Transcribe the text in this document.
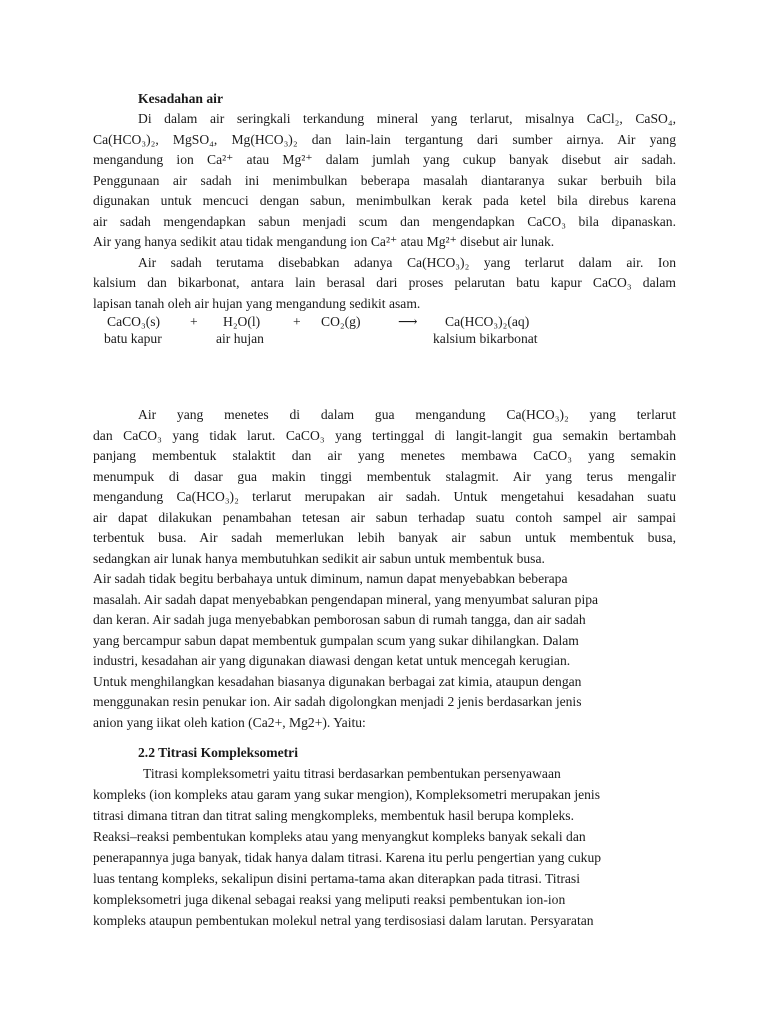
Kesadahan air
Di dalam air seringkali terkandung mineral yang terlarut, misalnya CaCl₂, CaSO₄,
Ca(HCO₃)₂, MgSO₄, Mg(HCO₃)₂ dan lain-lain tergantung dari sumber airnya. Air yang
mengandung ion Ca²⁺ atau Mg²⁺ dalam jumlah yang cukup banyak disebut air sadah.
Penggunaan air sadah ini menimbulkan beberapa masalah diantaranya sukar berbuih bila
digunakan untuk mencuci dengan sabun, menimbulkan kerak pada ketel bila direbus karena
air sadah mengendapkan sabun menjadi scum dan mengendapkan CaCO₃ bila dipanaskan.
Air yang hanya sedikit atau tidak mengandung ion Ca²⁺ atau Mg²⁺ disebut air lunak.
Air sadah terutama disebabkan adanya Ca(HCO₃)₂ yang terlarut dalam air. Ion
kalsium dan bikarbonat, antara lain berasal dari proses pelarutan batu kapur CaCO₃ dalam
lapisan tanah oleh air hujan yang mengandung sedikit asam.
CaCO₃(s) + H₂O(l) + CO₂(g)	⟶ Ca(HCO₃)₂(aq)
batu kapur	air hujan	kalsium bikarbonat
Air yang menetes di dalam gua mengandung Ca(HCO₃)₂ yang terlarut
dan CaCO₃ yang tidak larut. CaCO₃ yang tertinggal di langit-langit gua semakin bertambah
panjang membentuk stalaktit dan air yang menetes membawa CaCO₃ yang semakin
menumpuk di dasar gua makin tinggi membentuk stalagmit. Air yang terus mengalir
mengandung Ca(HCO₃)₂ terlarut merupakan air sadah. Untuk mengetahui kesadahan suatu
air dapat dilakukan penambahan tetesan air sabun terhadap suatu contoh sampel air sampai
terbentuk busa. Air sadah memerlukan lebih banyak air sabun untuk membentuk busa,
sedangkan air lunak hanya membutuhkan sedikit air sabun untuk membentuk busa.
Air sadah tidak begitu berbahaya untuk diminum, namun dapat menyebabkan beberapa
masalah. Air sadah dapat menyebabkan pengendapan mineral, yang menyumbat saluran pipa
dan keran. Air sadah juga menyebabkan pemborosan sabun di rumah tangga, dan air sadah
yang bercampur sabun dapat membentuk gumpalan scum yang sukar dihilangkan. Dalam
industri, kesadahan air yang digunakan diawasi dengan ketat untuk mencegah kerugian.
Untuk menghilangkan kesadahan biasanya digunakan berbagai zat kimia, ataupun dengan
menggunakan resin penukar ion. Air sadah digolongkan menjadi 2 jenis berdasarkan jenis
anion yang iikat oleh kation (Ca2+, Mg2+). Yaitu:
2.2 Titrasi Kompleksometri
Titrasi kompleksometri yaitu titrasi berdasarkan pembentukan persenyawaan
kompleks (ion kompleks atau garam yang sukar mengion), Kompleksometri merupakan jenis
titrasi dimana titran dan titrat saling mengkompleks, membentuk hasil berupa kompleks.
Reaksi–reaksi pembentukan kompleks atau yang menyangkut kompleks banyak sekali dan
penerapannya juga banyak, tidak hanya dalam titrasi. Karena itu perlu pengertian yang cukup
luas tentang kompleks, sekalipun disini pertama-tama akan diterapkan pada titrasi. Titrasi
kompleksometri juga dikenal sebagai reaksi yang meliputi reaksi pembentukan ion-ion
kompleks ataupun pembentukan molekul netral yang terdisosiasi dalam larutan. Persyaratan
